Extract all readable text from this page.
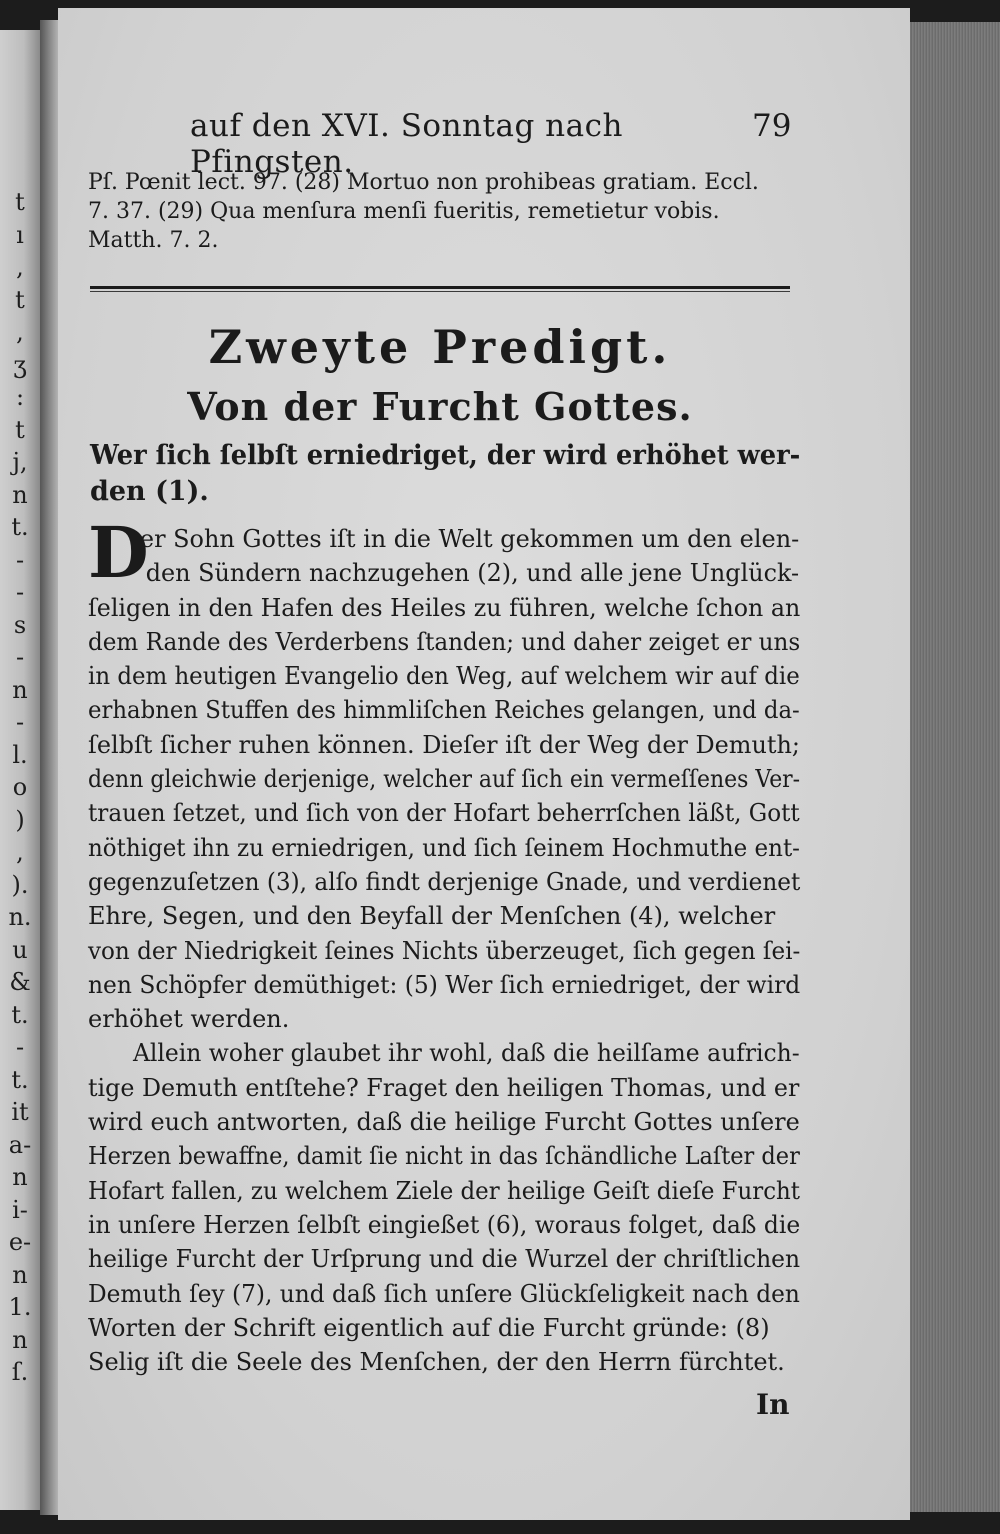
t
ı
,
t
,
ʒ
:
t
j,
n
t.
-
-
s
-
n
-
l.
o
)
,
).
n.
u
&
t.
-
t.
it
a-
n
i-
e-
n
1.
n
ſ.
auf den XVI. Sonntag nach Pfingsten.
79
Pſ. Pœnit lect. 97. (28) Mortuo non prohibeas gratiam. Eccl.
7. 37. (29) Qua menſura menſi fueritis, remetietur vobis.
Matth. 7. 2.
Zweyte Predigt.
Von der Furcht Gottes.
Wer ſich ſelbſt erniedriget, der wird erhöhet wer-
den (1).
D
er Sohn Gottes iſt in die Welt gekommen um den elen-
den Sündern nachzugehen (2), und alle jene Unglück-
ſeligen in den Hafen des Heiles zu führen, welche ſchon an
dem Rande des Verderbens ſtanden; und daher zeiget er uns
in dem heutigen Evangelio den Weg, auf welchem wir auf die
erhabnen Stuffen des himmliſchen Reiches gelangen, und da-
ſelbſt ſicher ruhen können. Dieſer iſt der Weg der Demuth;
denn gleichwie derjenige, welcher auf ſich ein vermeſſenes Ver-
trauen ſetzet, und ſich von der Hofart beherrſchen läßt, Gott
nöthiget ihn zu erniedrigen, und ſich ſeinem Hochmuthe ent-
gegenzuſetzen (3), alſo findt derjenige Gnade, und verdienet
Ehre, Segen, und den Beyfall der Menſchen (4), welcher
von der Niedrigkeit ſeines Nichts überzeuget, ſich gegen ſei-
nen Schöpfer demüthiget: (5) Wer ſich erniedriget, der wird
erhöhet werden.
Allein woher glaubet ihr wohl, daß die heilſame aufrich-
tige Demuth entſtehe? Fraget den heiligen Thomas, und er
wird euch antworten, daß die heilige Furcht Gottes unſere
Herzen bewaffne, damit ſie nicht in das ſchändliche Laſter der
Hofart fallen, zu welchem Ziele der heilige Geiſt dieſe Furcht
in unſere Herzen ſelbſt eingießet (6), woraus folget, daß die
heilige Furcht der Urſprung und die Wurzel der chriſtlichen
Demuth ſey (7), und daß ſich unſere Glückſeligkeit nach den
Worten der Schrift eigentlich auf die Furcht gründe: (8)
Selig iſt die Seele des Menſchen, der den Herrn fürchtet.
In
